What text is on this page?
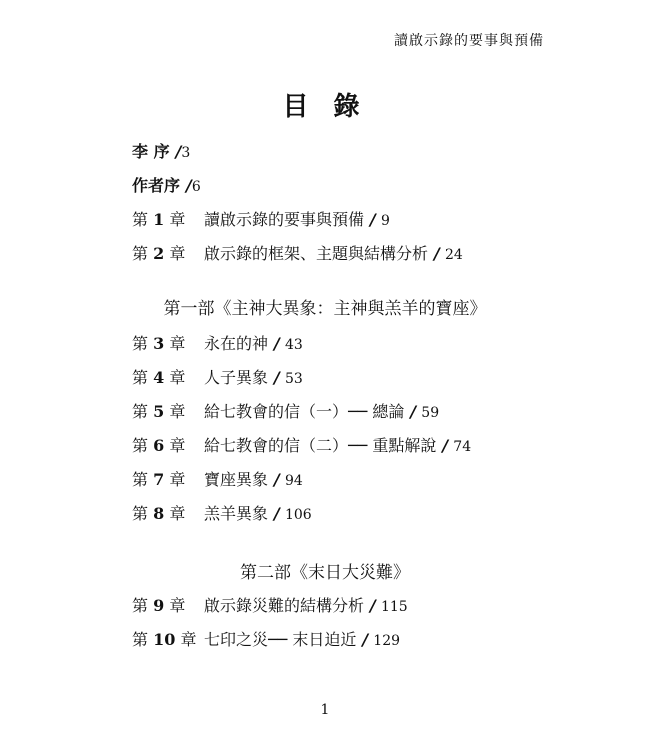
讀啟示錄的要事與預備
目 錄
李 序 /3
作者序 /6
第 1 章 讀啟示錄的要事與預備 / 9
第 2 章 啟示錄的框架、主題與結構分析 / 24
第一部《主神大異象：主神與羔羊的寶座》
第 3 章 永在的神 / 43
第 4 章 人子異象 / 53
第 5 章 給七教會的信（一）── 總論 / 59
第 6 章 給七教會的信（二）── 重點解說 / 74
第 7 章 寶座異象 / 94
第 8 章 羔羊異象 / 106
第二部《末日大災難》
第 9 章 啟示錄災難的結構分析 / 115
第 10 章 七印之災── 末日迫近 / 129
1
